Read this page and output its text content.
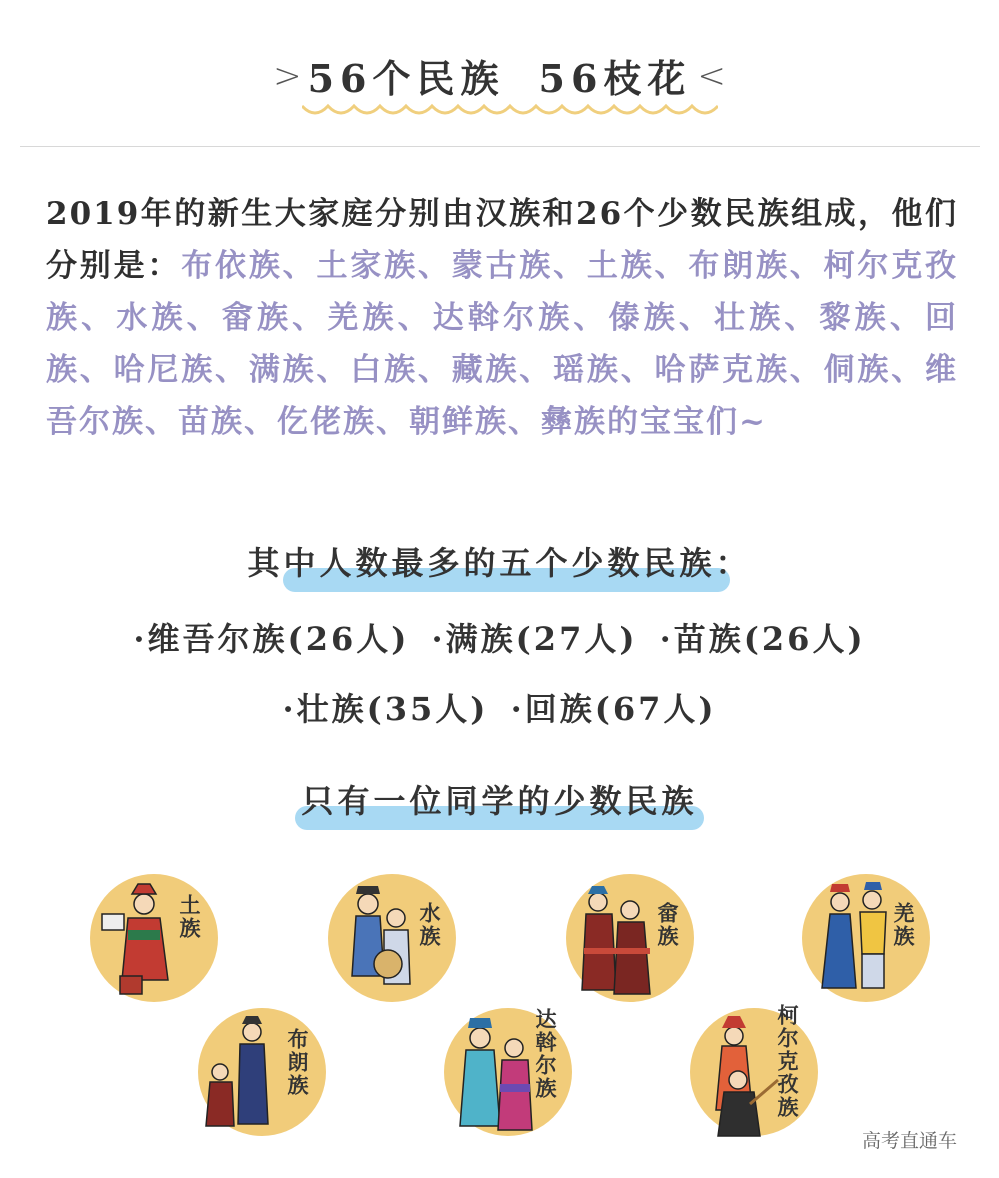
> 56个民族 56枝花 <
2019年的新生大家庭分别由汉族和26个少数民族组成，他们分别是：布依族、土家族、蒙古族、土族、布朗族、柯尔克孜族、水族、畲族、羌族、达斡尔族、傣族、壮族、黎族、回族、哈尼族、满族、白族、藏族、瑶族、哈萨克族、侗族、维吾尔族、苗族、仡佬族、朝鲜族、彝族的宝宝们~
其中人数最多的五个少数民族：
·维吾尔族(26人) ·满族(27人) ·苗族(26人)
·壮族(35人) ·回族(67人)
只有一位同学的少数民族
土族	水族	畲族	羌族
布朗族	达斡尔族	柯尔克孜族
高考直通车
